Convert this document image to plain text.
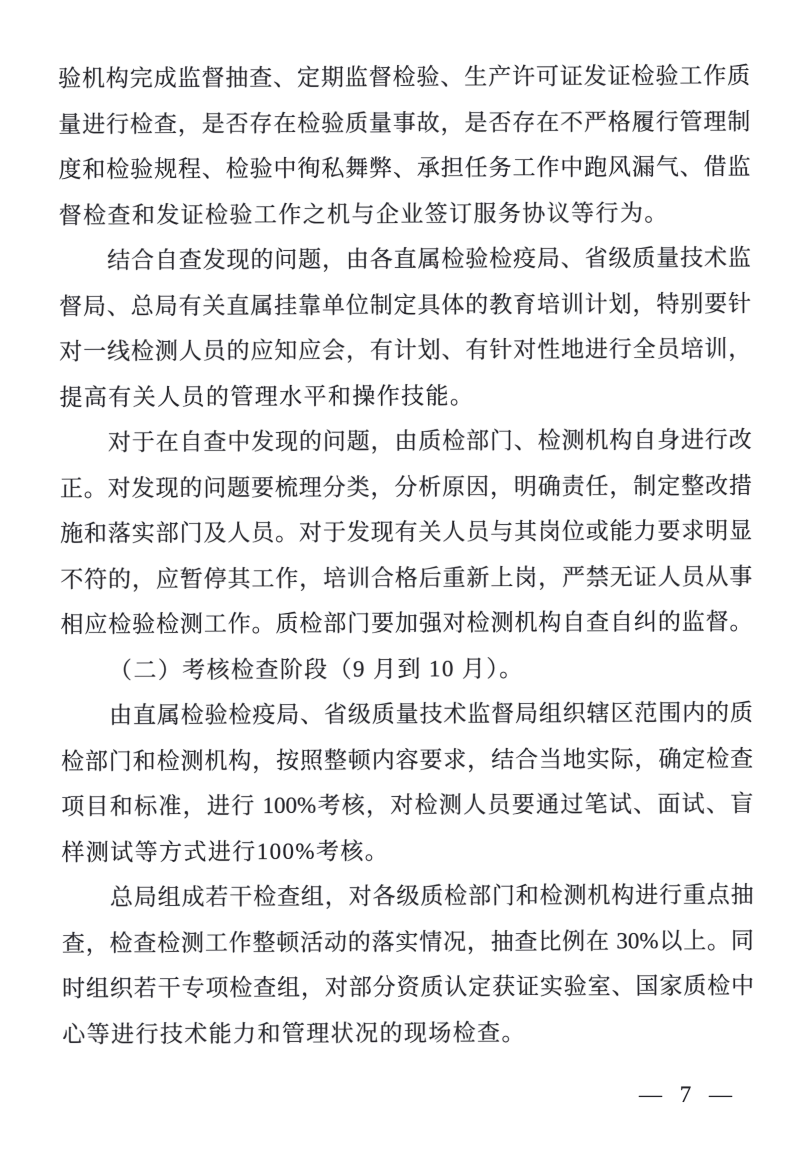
验机构完成监督抽查、定期监督检验、生产许可证发证检验工作质
量进行检查，是否存在检验质量事故，是否存在不严格履行管理制
度和检验规程、检验中徇私舞弊、承担任务工作中跑风漏气、借监
督检查和发证检验工作之机与企业签订服务协议等行为。
结合自查发现的问题，由各直属检验检疫局、省级质量技术监
督局、总局有关直属挂靠单位制定具体的教育培训计划，特别要针
对一线检测人员的应知应会，有计划、有针对性地进行全员培训，
提高有关人员的管理水平和操作技能。
对于在自查中发现的问题，由质检部门、检测机构自身进行改
正。对发现的问题要梳理分类，分析原因，明确责任，制定整改措
施和落实部门及人员。对于发现有关人员与其岗位或能力要求明显
不符的，应暂停其工作，培训合格后重新上岗，严禁无证人员从事
相应检验检测工作。质检部门要加强对检测机构自查自纠的监督。
（二）考核检查阶段（9 月到 10 月）。
由直属检验检疫局、省级质量技术监督局组织辖区范围内的质
检部门和检测机构，按照整顿内容要求，结合当地实际，确定检查
项目和标准，进行 100%考核，对检测人员要通过笔试、面试、盲
样测试等方式进行100%考核。
总局组成若干检查组，对各级质检部门和检测机构进行重点抽
查，检查检测工作整顿活动的落实情况，抽查比例在 30%以上。同
时组织若干专项检查组，对部分资质认定获证实验室、国家质检中
心等进行技术能力和管理状况的现场检查。
— 7 —
